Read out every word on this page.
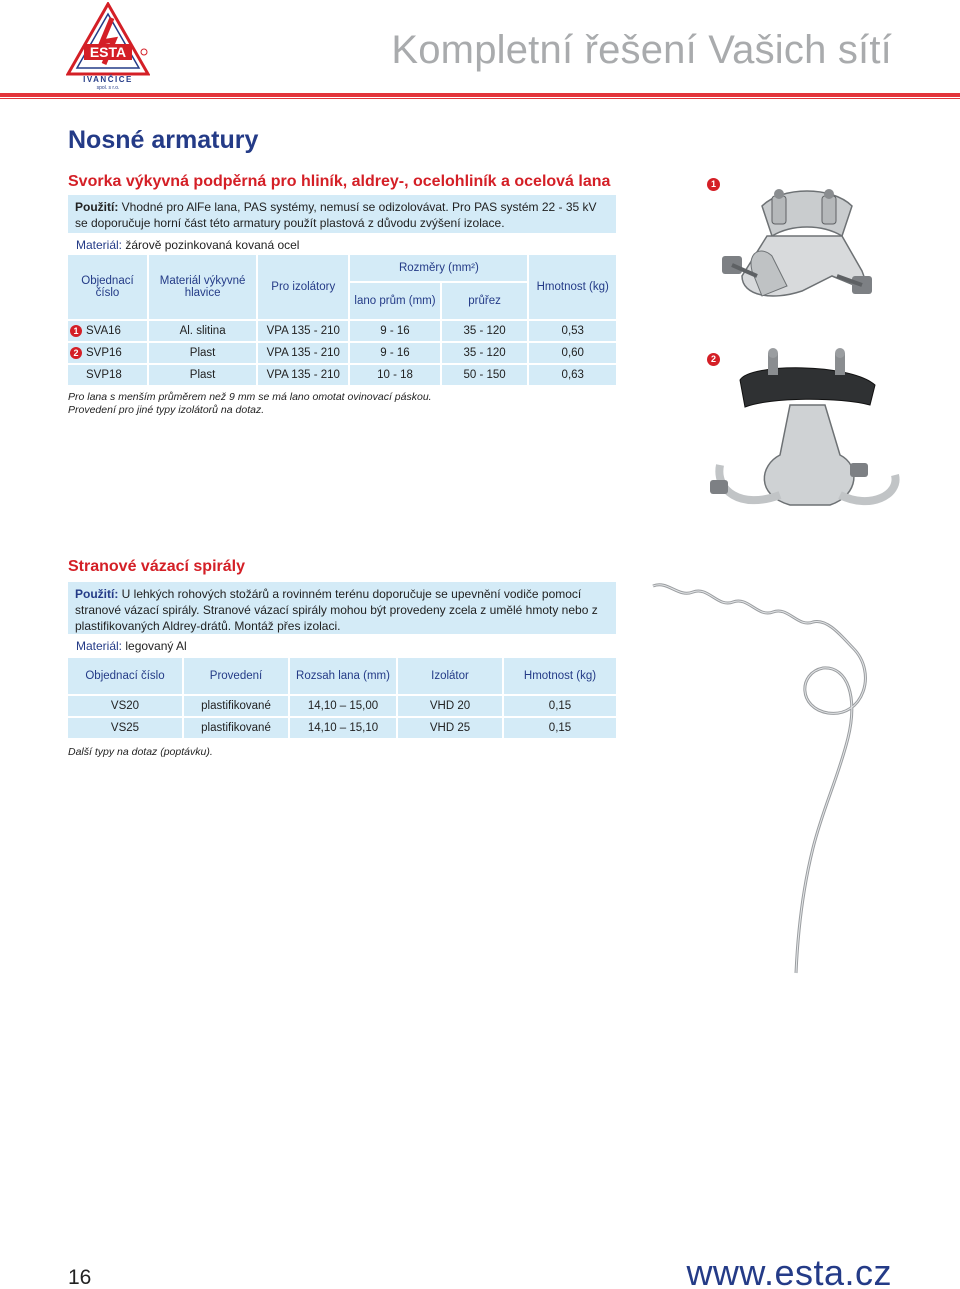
ESTA
IVANČICE
spol. s r.o.
Kompletní řešení Vašich sítí
Nosné armatury
Svorka výkyvná podpěrná pro hliník, aldrey-, ocelohliník a ocelová lana
Použití: Vhodné pro AlFe lana, PAS systémy, nemusí se odizolovávat. Pro PAS systém 22 - 35 kV se doporučuje horní část této armatury použít plastová z důvodu zvýšení izolace.
Materiál: žárově pozinkovaná kovaná ocel
Objednací číslo	Materiál výkyvné hlavice	Pro izolátory	Rozměry (mm²)		Hmotnost (kg)
			lano prům (mm)	průřez	
1 SVA16	Al. slitina	VPA 135 - 210	9 - 16	35 - 120	0,53
2 SVP16	Plast	VPA 135 - 210	9 - 16	35 - 120	0,60
SVP18	Plast	VPA 135 - 210	10 - 18	50 - 150	0,63
Pro lana s menším průměrem než 9 mm se má lano omotat ovinovací páskou.
Provedení pro jiné typy izolátorů na dotaz.
1
2
Stranové vázací spirály
Použití: U lehkých rohových stožárů a rovinném terénu doporučuje se upevnění vodiče pomocí stranové vázací spirály. Stranové vázací spirály mohou být provedeny zcela z umělé hmoty nebo z plastifikovaných Aldrey-drátů. Montáž přes izolaci.
Materiál: legovaný Al
Objednací číslo	Provedení	Rozsah lana (mm)	Izolátor	Hmotnost (kg)
VS20	plastifikované	14,10 – 15,00	VHD 20	0,15
VS25	plastifikované	14,10 – 15,10	VHD 25	0,15
Další typy na dotaz (poptávku).
16	www.esta.cz
